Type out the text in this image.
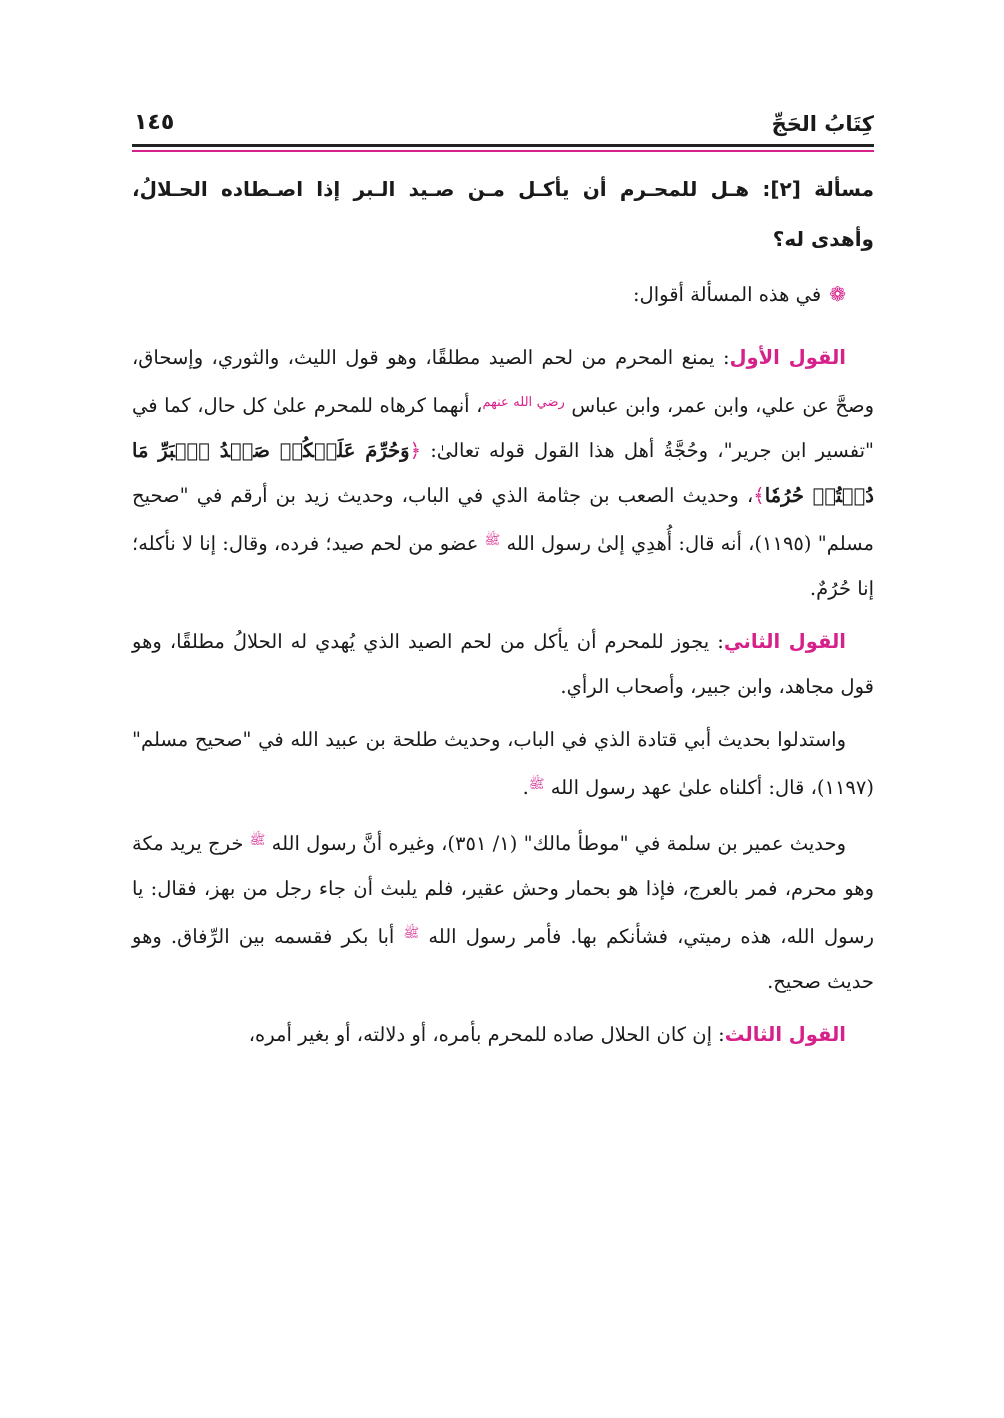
كِتَابُ الحَجِّ
١٤٥
مسألة [٢]: هـل للمحـرم أن يأكـل مـن صـيد الـبر إذا اصـطاده الحـلالُ، وأهدى له؟

❁في هذه المسألة أقوال:

القول الأول: يمنع المحرم من لحم الصيد مطلقًا، وهو قول الليث، والثوري، وإسحاق، وصحَّ عن علي، وابن عمر، وابن عباس $^{رضي الله عنهم}$، أنهما كرهاه للمحرم علىٰ كل حال، كما في "تفسير ابن جرير"، وحُجَّةُ أهل هذا القول قوله تعالىٰ: ﴿وَحُرِّمَ عَلَيۡكُمۡ صَيۡدُ ٱلۡبَرِّ مَا دُمۡتُمۡ حُرُمٗا﴾، وحديث الصعب بن جثامة الذي في الباب، وحديث زيد بن أرقم في "صحيح مسلم" (١١٩٥)، أنه قال: أُهدِي إلىٰ رسول الله $^ﷺ$ عضو من لحم صيد؛ فرده، وقال: إنا لا نأكله؛ إنا حُرُمٌ.

القول الثاني: يجوز للمحرم أن يأكل من لحم الصيد الذي يُهدي له الحلالُ مطلقًا، وهو قول مجاهد، وابن جبير، وأصحاب الرأي.

واستدلوا بحديث أبي قتادة الذي في الباب، وحديث طلحة بن عبيد الله في "صحيح مسلم" (١١٩٧)، قال: أكلناه علىٰ عهد رسول الله $^ﷺ$.

وحديث عمير بن سلمة في "موطأ مالك" (١/ ٣٥١)، وغيره أنَّ رسول الله $^ﷺ$ خرج يريد مكة وهو محرم، فمر بالعرج، فإذا هو بحمار وحش عقير، فلم يلبث أن جاء رجل من بهز، فقال: يا رسول الله، هذه رميتي، فشأنكم بها. فأمر رسول الله $^ﷺ$ أبا بكر فقسمه بين الرِّفاق. وهو حديث صحيح.

القول الثالث: إن كان الحلال صاده للمحرم بأمره، أو دلالته، أو بغير أمره،
